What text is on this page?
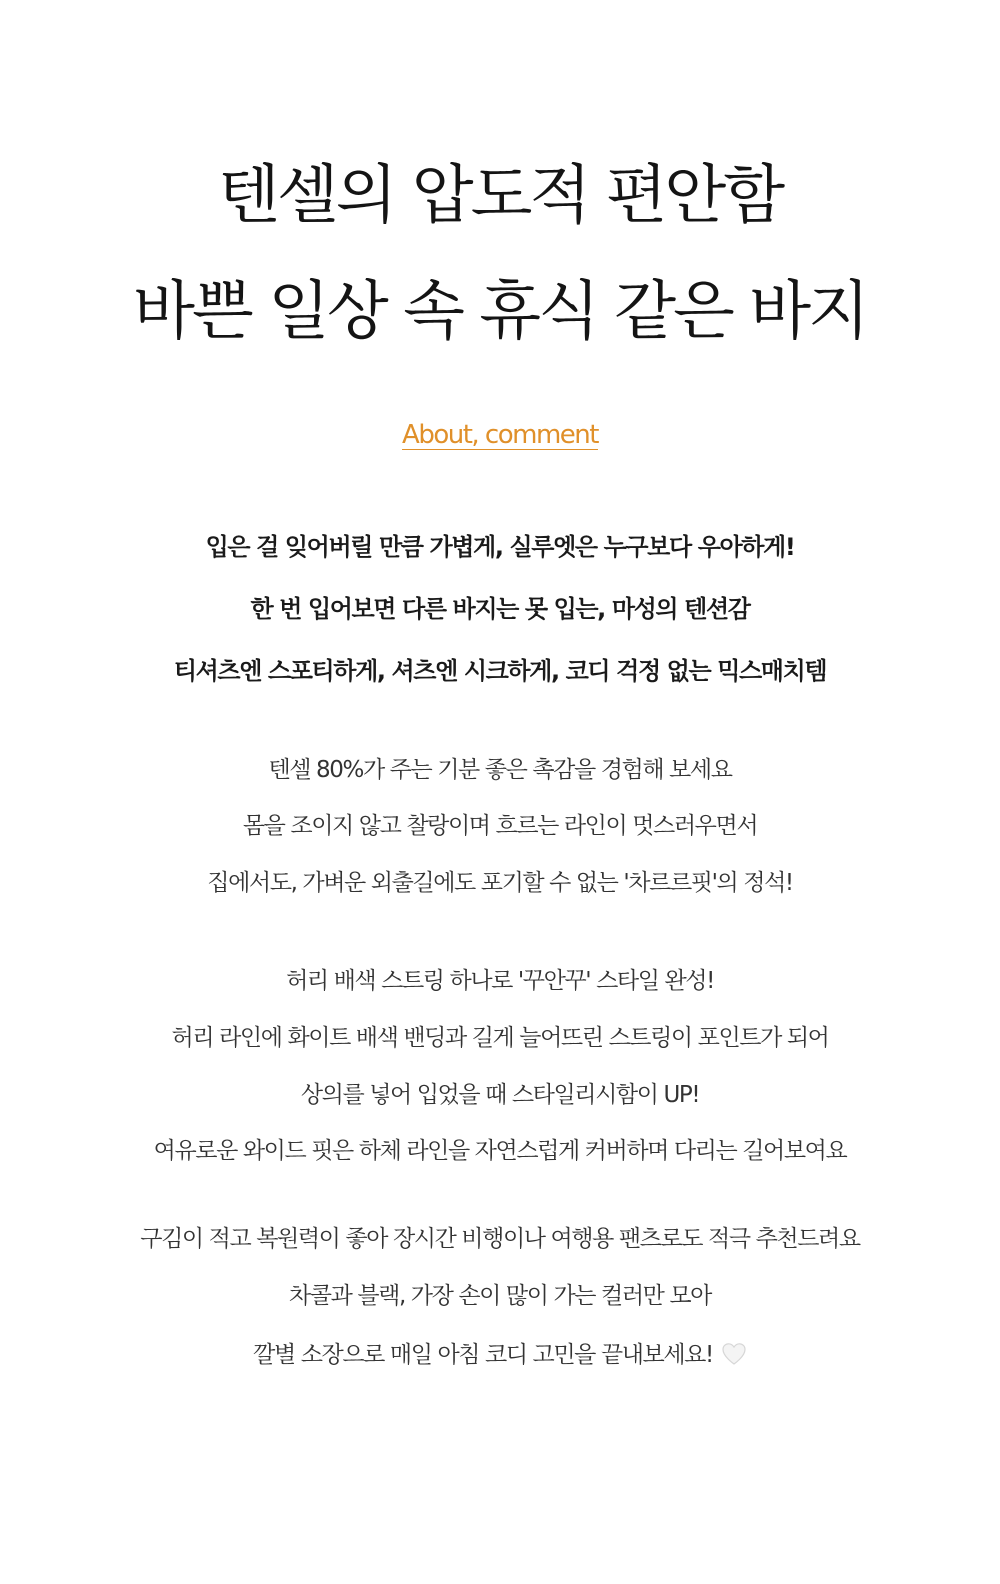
텐셀의 압도적 편안함
바쁜 일상 속 휴식 같은 바지
About, comment
입은 걸 잊어버릴 만큼 가볍게, 실루엣은 누구보다 우아하게!
한 번 입어보면 다른 바지는 못 입는, 마성의 텐션감
티셔츠엔 스포티하게, 셔츠엔 시크하게, 코디 걱정 없는 믹스매치템
텐셀 80%가 주는 기분 좋은 촉감을 경험해 보세요
몸을 조이지 않고 찰랑이며 흐르는 라인이 멋스러우면서
집에서도, 가벼운 외출길에도 포기할 수 없는 '차르르핏'의 정석!
허리 배색 스트링 하나로 '꾸안꾸' 스타일 완성!
허리 라인에 화이트 배색 밴딩과 길게 늘어뜨린 스트링이 포인트가 되어
상의를 넣어 입었을 때 스타일리시함이 UP!
여유로운 와이드 핏은 하체 라인을 자연스럽게 커버하며 다리는 길어보여요
구김이 적고 복원력이 좋아 장시간 비행이나 여행용 팬츠로도 적극 추천드려요
차콜과 블랙, 가장 손이 많이 가는 컬러만 모아
깔별 소장으로 매일 아침 코디 고민을 끝내보세요!
